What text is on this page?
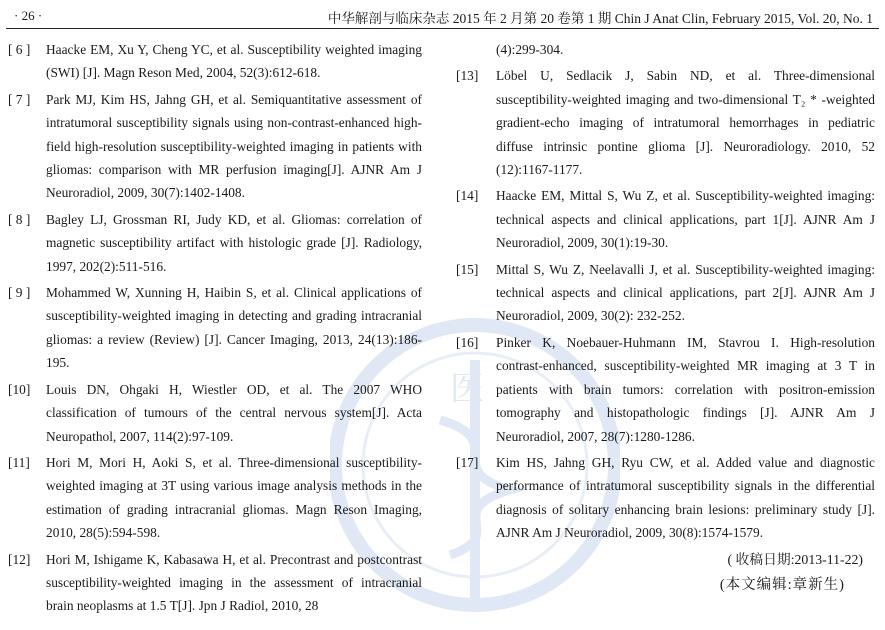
医
· 26 ·	中华解剖与临床杂志 2015 年 2 月第 20 卷第 1 期 Chin J Anat Clin, February 2015, Vol. 20, No. 1
[ 6 ]	Haacke EM, Xu Y, Cheng YC, et al. Susceptibility weighted imaging (SWI) [J]. Magn Reson Med, 2004, 52(3):612-618.
[ 7 ]	Park MJ, Kim HS, Jahng GH, et al. Semiquantitative assessment of intratumoral susceptibility signals using non-contrast-enhanced high-field high-resolution susceptibility-weighted imaging in patients with gliomas: comparison with MR perfusion imaging[J]. AJNR Am J Neuroradiol, 2009, 30(7):1402-1408.
[ 8 ]	Bagley LJ, Grossman RI, Judy KD, et al. Gliomas: correlation of magnetic susceptibility artifact with histologic grade [J]. Radiology, 1997, 202(2):511-516.
[ 9 ]	Mohammed W, Xunning H, Haibin S, et al. Clinical applications of susceptibility-weighted imaging in detecting and grading intracranial gliomas: a review (Review) [J]. Cancer Imaging, 2013, 24(13):186-195.
[10]	Louis DN, Ohgaki H, Wiestler OD, et al. The 2007 WHO classification of tumours of the central nervous system[J]. Acta Neuropathol, 2007, 114(2):97-109.
[11]	Hori M, Mori H, Aoki S, et al. Three-dimensional susceptibility-weighted imaging at 3T using various image analysis methods in the estimation of grading intracranial gliomas. Magn Reson Imaging, 2010, 28(5):594-598.
[12]	Hori M, Ishigame K, Kabasawa H, et al. Precontrast and postcontrast susceptibility-weighted imaging in the assessment of intracranial brain neoplasms at 1.5 T[J]. Jpn J Radiol, 2010, 28
(4):299-304.
[13]	Löbel U, Sedlacik J, Sabin ND, et al. Three-dimensional susceptibility-weighted imaging and two-dimensional T₂ * -weighted gradient-echo imaging of intratumoral hemorrhages in pediatric diffuse intrinsic pontine glioma [J]. Neuroradiology. 2010, 52 (12):1167-1177.
[14]	Haacke EM, Mittal S, Wu Z, et al. Susceptibility-weighted imaging: technical aspects and clinical applications, part 1[J]. AJNR Am J Neuroradiol, 2009, 30(1):19-30.
[15]	Mittal S, Wu Z, Neelavalli J, et al. Susceptibility-weighted imaging: technical aspects and clinical applications, part 2[J]. AJNR Am J Neuroradiol, 2009, 30(2): 232-252.
[16]	Pinker K, Noebauer-Huhmann IM, Stavrou I. High-resolution contrast-enhanced, susceptibility-weighted MR imaging at 3 T in patients with brain tumors: correlation with positron-emission tomography and histopathologic findings [J]. AJNR Am J Neuroradiol, 2007, 28(7):1280-1286.
[17]	Kim HS, Jahng GH, Ryu CW, et al. Added value and diagnostic performance of intratumoral susceptibility signals in the differential diagnosis of solitary enhancing brain lesions: preliminary study [J]. AJNR Am J Neuroradiol, 2009, 30(8):1574-1579.
( 收稿日期:2013-11-22)
(本文编辑:章新生)
